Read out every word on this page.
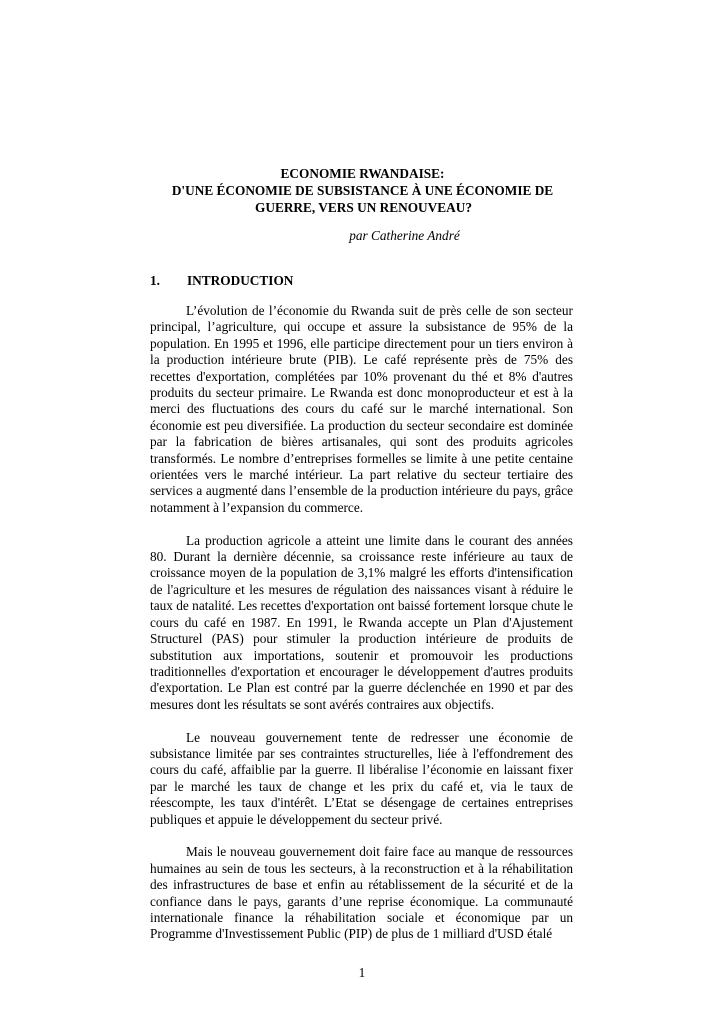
ECONOMIE RWANDAISE:
D'UNE ÉCONOMIE DE SUBSISTANCE À UNE ÉCONOMIE DE
GUERRE, VERS UN RENOUVEAU?
par Catherine André
1. INTRODUCTION

L’évolution de l’économie du Rwanda suit de près celle de son secteur principal, l’agriculture, qui occupe et assure la subsistance de 95% de la population. En 1995 et 1996, elle participe directement pour un tiers environ à la production intérieure brute (PIB). Le café représente près de 75% des recettes d'exportation, complétées par 10% provenant du thé et 8% d'autres produits du secteur primaire. Le Rwanda est donc monoproducteur et est à la merci des fluctuations des cours du café sur le marché international. Son économie est peu diversifiée. La production du secteur secondaire est dominée par la fabrication de bières artisanales, qui sont des produits agricoles transformés. Le nombre d’entreprises formelles se limite à une petite centaine orientées vers le marché intérieur. La part relative du secteur tertiaire des services a augmenté dans l’ensemble de la production intérieure du pays, grâce notamment à l’expansion du commerce.

La production agricole a atteint une limite dans le courant des années 80. Durant la dernière décennie, sa croissance reste inférieure au taux de croissance moyen de la population de 3,1% malgré les efforts d'intensification de l'agriculture et les mesures de régulation des naissances visant à réduire le taux de natalité. Les recettes d'exportation ont baissé fortement lorsque chute le cours du café en 1987. En 1991, le Rwanda accepte un Plan d'Ajustement Structurel (PAS) pour stimuler la production intérieure de produits de substitution aux importations, soutenir et promouvoir les productions traditionnelles d'exportation et encourager le développement d'autres produits d'exportation. Le Plan est contré par la guerre déclenchée en 1990 et par des mesures dont les résultats se sont avérés contraires aux objectifs.

Le nouveau gouvernement tente de redresser une économie de subsistance limitée par ses contraintes structurelles, liée à l'effondrement des cours du café, affaiblie par la guerre. Il libéralise l’économie en laissant fixer par le marché les taux de change et les prix du café et, via le taux de réescompte, les taux d'intérêt. L’Etat se désengage de certaines entreprises publiques et appuie le développement du secteur privé.

Mais le nouveau gouvernement doit faire face au manque de ressources humaines au sein de tous les secteurs, à la reconstruction et à la réhabilitation des infrastructures de base et enfin au rétablissement de la sécurité et de la confiance dans le pays, garants d’une reprise économique. La communauté internationale finance la réhabilitation sociale et économique par un Programme d'Investissement Public (PIP) de plus de 1 milliard d'USD étalé

1
